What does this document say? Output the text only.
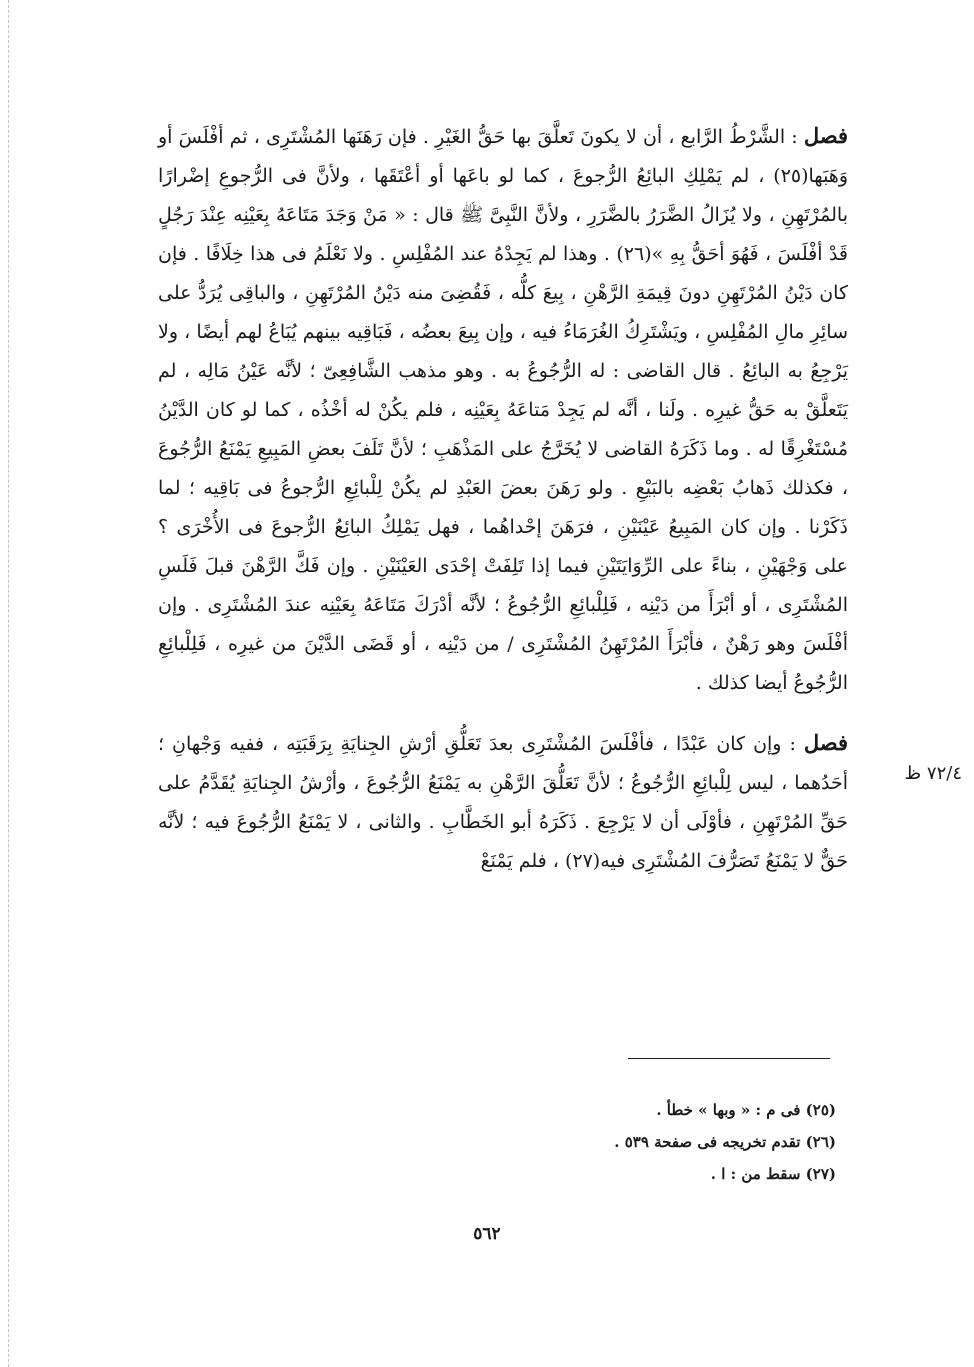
فصل : الشَّرْطُ الرَّابع ، أن لا يكونَ تَعلَّقَ بها حَقُّ الغَيْرِ . فإن رَهَنَها المُشْتَرِى ، ثم أفْلَسَ أو وَهَبَها(٢٥) ، لم يَمْلِكِ البائِعُ الرُّجوعَ ، كما لو باعَها أو أعْتَقَها ، ولأنَّ فى الرُّجوعِ إضْرارًا بالمُرْتَهِنِ ، ولا يُزَالُ الضَّرَرُ بالضَّرَرِ ، ولأنَّ النَّبِىَّ ﷺ قال : « مَنْ وَجَدَ مَتَاعَهُ بِعَيْنِه عِنْدَ رَجُلٍ قَدْ أفْلَسَ ، فَهُوَ أحَقُّ بِهِ »(٢٦) . وهذا لم يَجِدْهُ عند المُفْلِسِ . ولا نَعْلَمُ فى هذا خِلَافًا . فإن كان دَيْنُ المُرْتَهِنِ دونَ قِيمَةِ الرَّهْنِ ، بِيعَ كلُّه ، فَقُضِىَ منه دَيْنُ المُرْتَهِنِ ، والباقِى يُرَدُّ على سائِرِ مالِ المُفْلِسِ ، ويَشْتَرِكُ الغُرَمَاءُ فيه ، وإن بِيعَ بعضُه ، فَبَاقِيه بينهم يُبَاعُ لهم أيضًا ، ولا يَرْجِعُ به البائِعُ . قال القاضى : له الرُّجُوعُ به . وهو مذهب الشَّافِعِىّ ؛ لأنَّه عَيْنُ مَالِه ، لم يَتَعلَّقْ به حَقُّ غيرِه . ولَنا ، أنَّه لم يَجِدْ مَتاعَهُ بِعَيْنِه ، فلم يكُنْ له أخْذُه ، كما لو كان الدَّيْنُ مُسْتَغْرِقًا له . وما ذَكَرَهُ القاضى لا يُخَرَّجُ على المَذْهَبِ ؛ لأنَّ تَلَفَ بعضِ المَبِيعِ يَمْنَعُ الرُّجُوعَ ، فكذلك ذَهابُ بَعْضِه بالبَيْعِ . ولو رَهَنَ بعضَ العَبْدِ لم يكُنْ لِلْبائِعِ الرُّجوعُ فى بَاقِيه ؛ لما ذَكَرْنا . وإن كان المَبِيعُ عَيْنَيْنِ ، فرَهَنَ إحْداهُما ، فهل يَمْلِكُ البائِعُ الرُّجوعَ فى الأُخْرَى ؟ على وَجْهَيْنِ ، بناءً على الرِّوَايَتَيْنِ فيما إذا تَلِفَتْ إحْدَى العَيْنَيْنِ . وإن فَكَّ الرَّهْنَ قبلَ فَلَسِ المُشْتَرِى ، أو أبْرَأَ من دَيْنِه ، فَلِلْبائِعِ الرُّجُوعُ ؛ لأنَّه أدْرَكَ مَتَاعَهُ بِعَيْنِه عندَ المُشْتَرِى . وإن أفْلَسَ وهو رَهْنٌ ، فأبْرَأَ المُرْتَهِنُ المُشْتَرِى / من دَيْنِه ، أو قَضَى الدَّيْنَ من غيرِه ، فَلِلْبائِعِ الرُّجُوعُ أيضا كذلك .

فصل : وإن كان عَبْدًا ، فأفْلَسَ المُشْتَرِى بعدَ تَعَلُّقِ أرْشِ الجِنايَةِ بِرَقَبَتِه ، ففيه وَجْهانِ ؛ أحَدُهما ، ليس لِلْبائِعِ الرُّجُوعُ ؛ لأنَّ تَعَلُّقَ الرَّهْنِ به يَمْنَعُ الرُّجُوعَ ، وأرْشُ الجِنايَةِ يُقَدَّمُ على حَقِّ المُرْتَهِنِ ، فأوْلَى أن لا يَرْجِعَ . ذَكَرَهُ أبو الخَطَّابِ . والثانى ، لا يَمْنَعُ الرُّجُوعَ فيه ؛ لأنَّه حَقٌّ لا يَمْنَعُ تَصَرُّفَ المُشْتَرِى فيه(٢٧) ، فلم يَمْنَعْ

٧٢/٤ ظ

(٢٥) فى م : « وبها » خطأ .

(٢٦) تقدم تخريجه فى صفحة ٥٣٩ .

(٢٧) سقط من : ا .

٥٦٢
